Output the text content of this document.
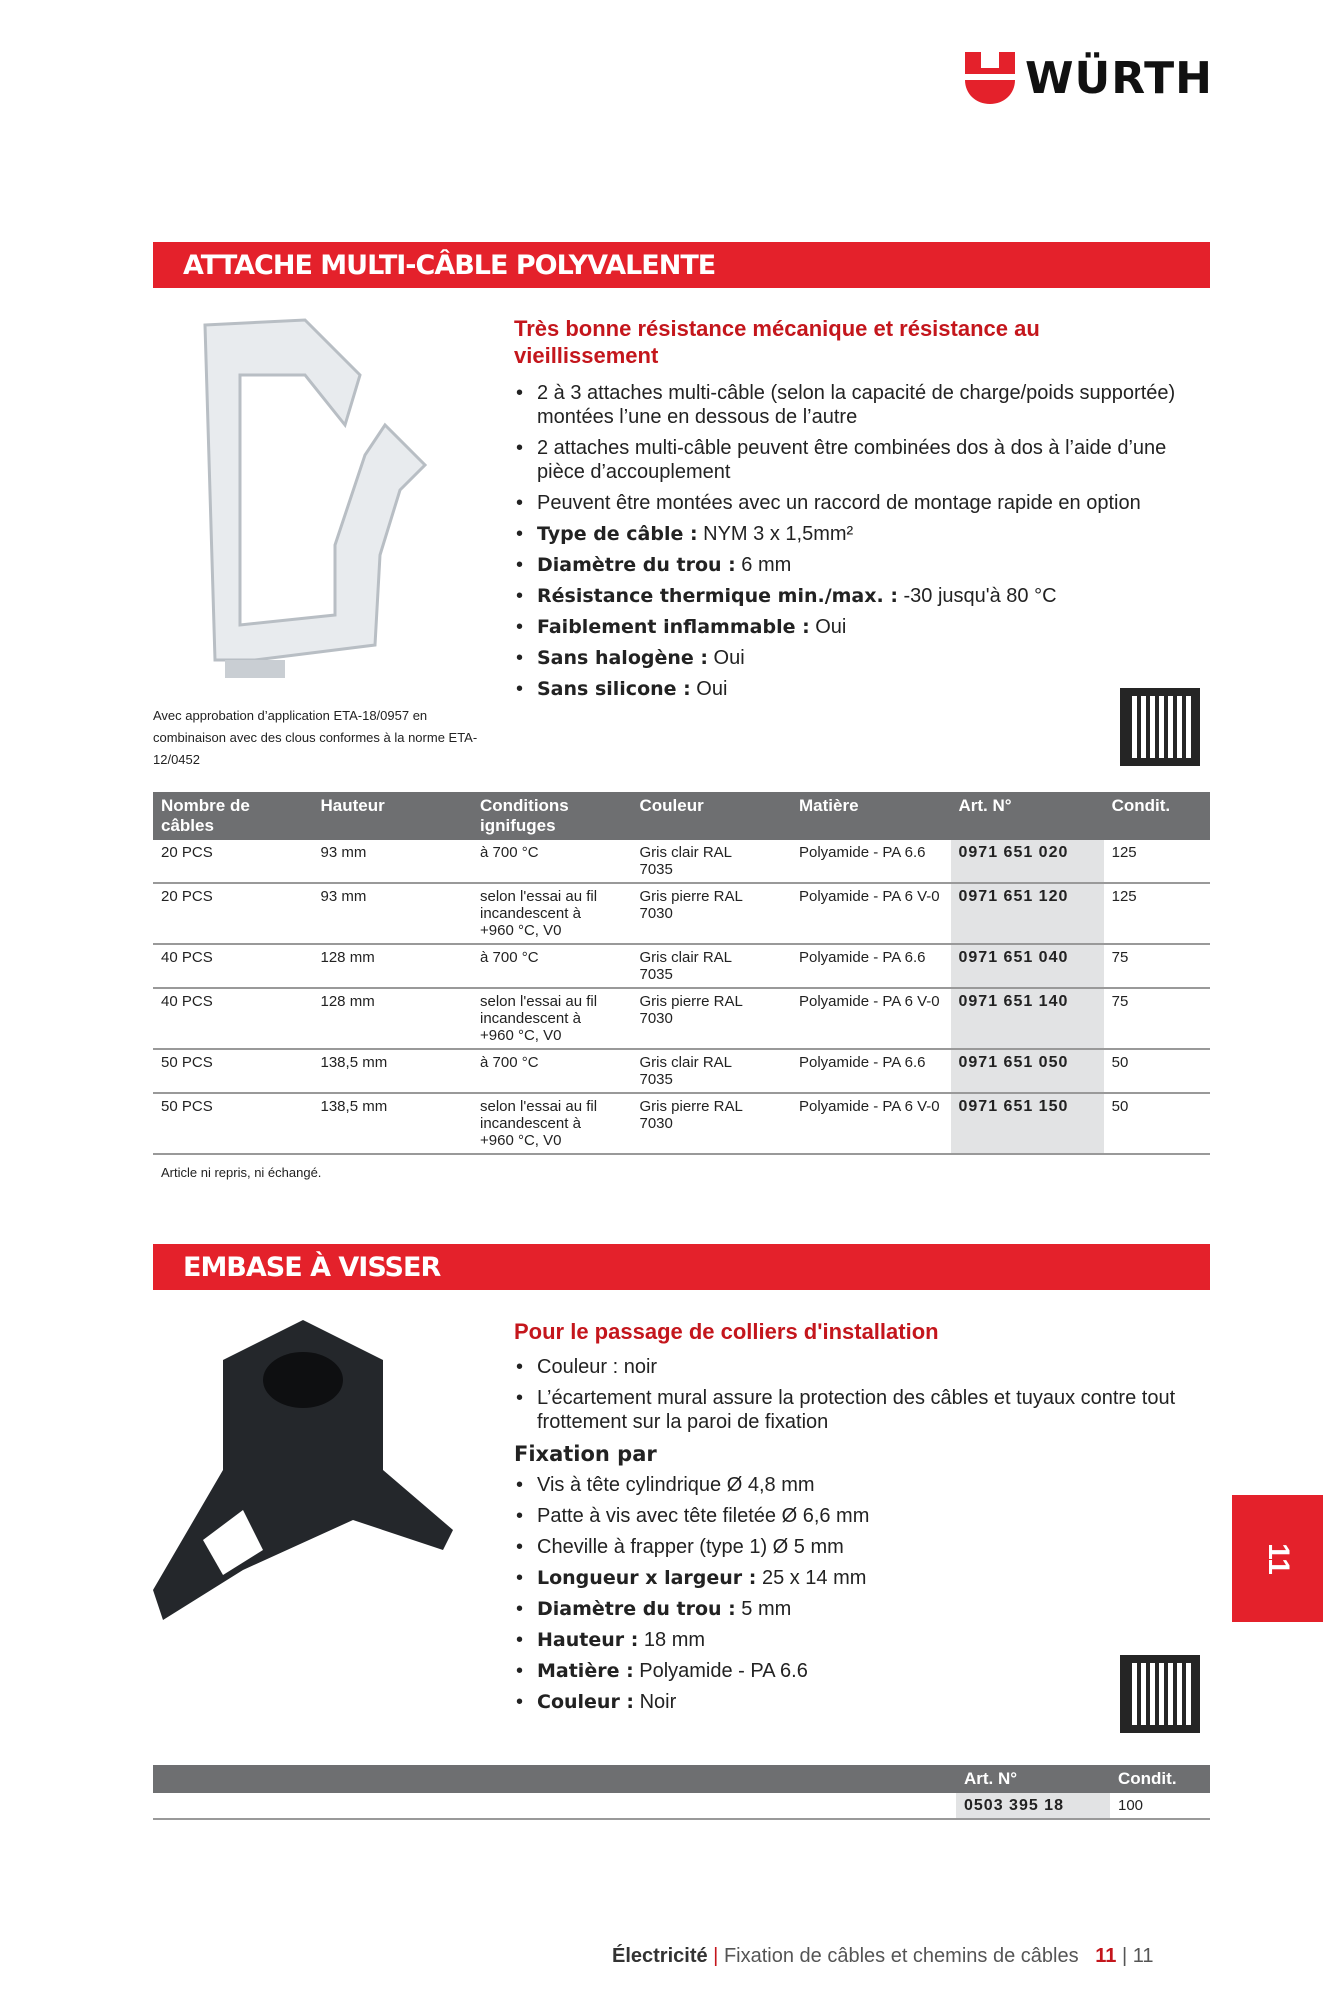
WÜRTH
ATTACHE MULTI-CÂBLE POLYVALENTE
Avec approbation d’application ETA-18/0957 en combinaison avec des clous conformes à la norme ETA-12/0452
Très bonne résistance mécanique et résistance au vieillissement
• 2 à 3 attaches multi-câble (selon la capacité de charge/poids supportée) montées l’une en dessous de l’autre
• 2 attaches multi-câble peuvent être combinées dos à dos à l’aide d’une pièce d’accouplement
• Peuvent être montées avec un raccord de montage rapide en option
• Type de câble : NYM 3 x 1,5mm²
• Diamètre du trou : 6 mm
• Résistance thermique min./max. : -30 jusqu'à 80 °C
• Faiblement inflammable : Oui
• Sans halogène : Oui
• Sans silicone : Oui
Nombre de câbles	Hauteur	Conditions ignifuges	Couleur	Matière	Art. N°	Condit.
20 PCS	93 mm	à 700 °C	Gris clair RAL 7035	Polyamide - PA 6.6	0971 651 020	125
20 PCS	93 mm	selon l'essai au fil incandescent à +960 °C, V0	Gris pierre RAL 7030	Polyamide - PA 6 V-0	0971 651 120	125
40 PCS	128 mm	à 700 °C	Gris clair RAL 7035	Polyamide - PA 6.6	0971 651 040	75
40 PCS	128 mm	selon l'essai au fil incandescent à +960 °C, V0	Gris pierre RAL 7030	Polyamide - PA 6 V-0	0971 651 140	75
50 PCS	138,5 mm	à 700 °C	Gris clair RAL 7035	Polyamide - PA 6.6	0971 651 050	50
50 PCS	138,5 mm	selon l'essai au fil incandescent à +960 °C, V0	Gris pierre RAL 7030	Polyamide - PA 6 V-0	0971 651 150	50
Article ni repris, ni échangé.
EMBASE À VISSER
Pour le passage de colliers d'installation
• Couleur : noir
• L’écartement mural assure la protection des câbles et tuyaux contre tout frottement sur la paroi de fixation
Fixation par
• Vis à tête cylindrique Ø 4,8 mm
• Patte à vis avec tête filetée Ø 6,6 mm
• Cheville à frapper (type 1) Ø 5 mm
• Longueur x largeur : 25 x 14 mm
• Diamètre du trou : 5 mm
• Hauteur : 18 mm
• Matière : Polyamide - PA 6.6
• Couleur : Noir
	Art. N°	Condit.
	0503 395 18	100
11
Électricité | Fixation de câbles et chemins de câbles 11 | 11
